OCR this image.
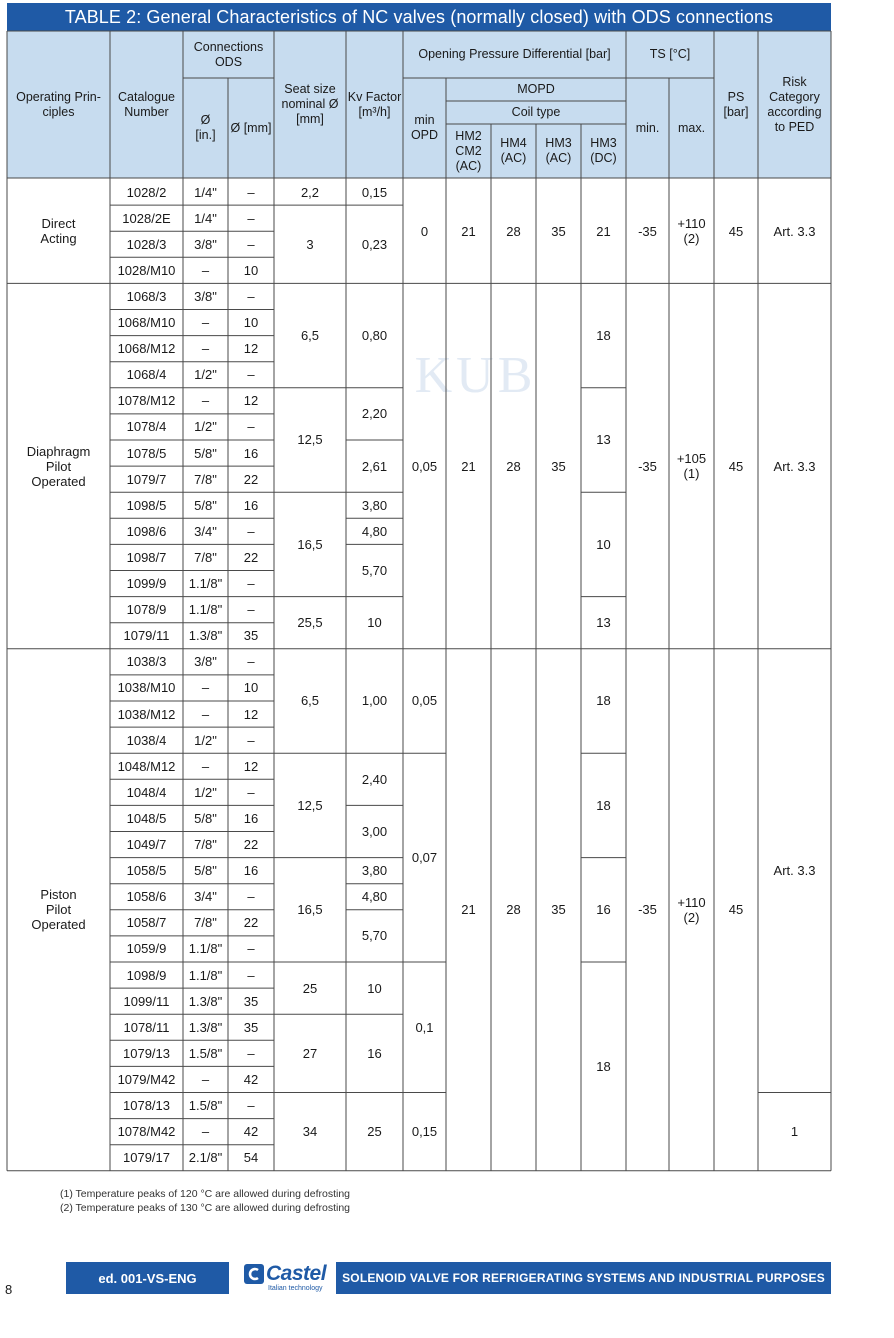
TABLE 2: General Characteristics of NC valves (normally closed) with ODS connections
KUB
Operating Prin-
ciples
Catalogue
Number
Connections
ODS
Ø
[in.]
Ø [mm]
Seat size
nominal Ø
[mm]
Kv Factor
[m³/h]
Opening Pressure Differential [bar]
min
OPD
MOPD
Coil type
HM2
CM2
(AC)
HM4
(AC)
HM3
(AC)
HM3
(DC)
TS [°C]
min.	max.
PS
[bar]
Risk
Category
according
to PED
1028/2
1028/2E
1028/3
1028/M10
1068/3
1068/M10
1068/M12
1068/4
1078/M12
1078/4
1078/5
1079/7
1098/5
1098/6
1098/7
1099/9
1078/9
1079/11
1038/3
1038/M10
1038/M12
1038/4
1048/M12
1048/4
1048/5
1049/7
1058/5
1058/6
1058/7
1059/9
1098/9
1099/11
1078/11
1079/13
1079/M42
1078/13
1078/M42
1079/17
1/4"
1/4"
3/8"
–
3/8"
–
–
1/2"
–
1/2"
5/8"
7/8"
5/8"
3/4"
7/8"
1.1/8"
1.1/8"
1.3/8"
3/8"
–
–
1/2"
–
1/2"
5/8"
7/8"
5/8"
3/4"
7/8"
1.1/8"
1.1/8"
1.3/8"
1.3/8"
1.5/8"
–
1.5/8"
–
2.1/8"
–
–
–
10
–
10
12
–
12
–
16
22
16
–
22
–
–
35
–
10
12
–
12
–
16
22
16
–
22
–
–
35
35
–
42
–
42
54
Direct
Acting
Diaphragm
Pilot
Operated
Piston
Pilot
Operated
2,2
3
6,5
12,5
16,5
25,5
6,5
12,5
16,5
25
27
34
0,15
0,23
0,80
2,20
2,61
3,80
4,80
5,70
10
1,00
2,40
3,00
3,80
4,80
5,70
10
16
25
0
0,05
0,05
0,07
0,1
0,15
21
21
21
28
28
28
35
35
35
21
18
13
10
13
18
18
16
18
-35
-35
-35
+110
(2)
+105
(1)
+110
(2)
45
45
45
Art. 3.3
Art. 3.3
Art. 3.3
1
(1) Temperature peaks of 120 °C are allowed during defrosting
(2) Temperature peaks of 130 °C are allowed during defrosting
ed. 001-VS-ENG	Castel
Italian technology
SOLENOID VALVE FOR REFRIGERATING SYSTEMS AND INDUSTRIAL PURPOSES
8
